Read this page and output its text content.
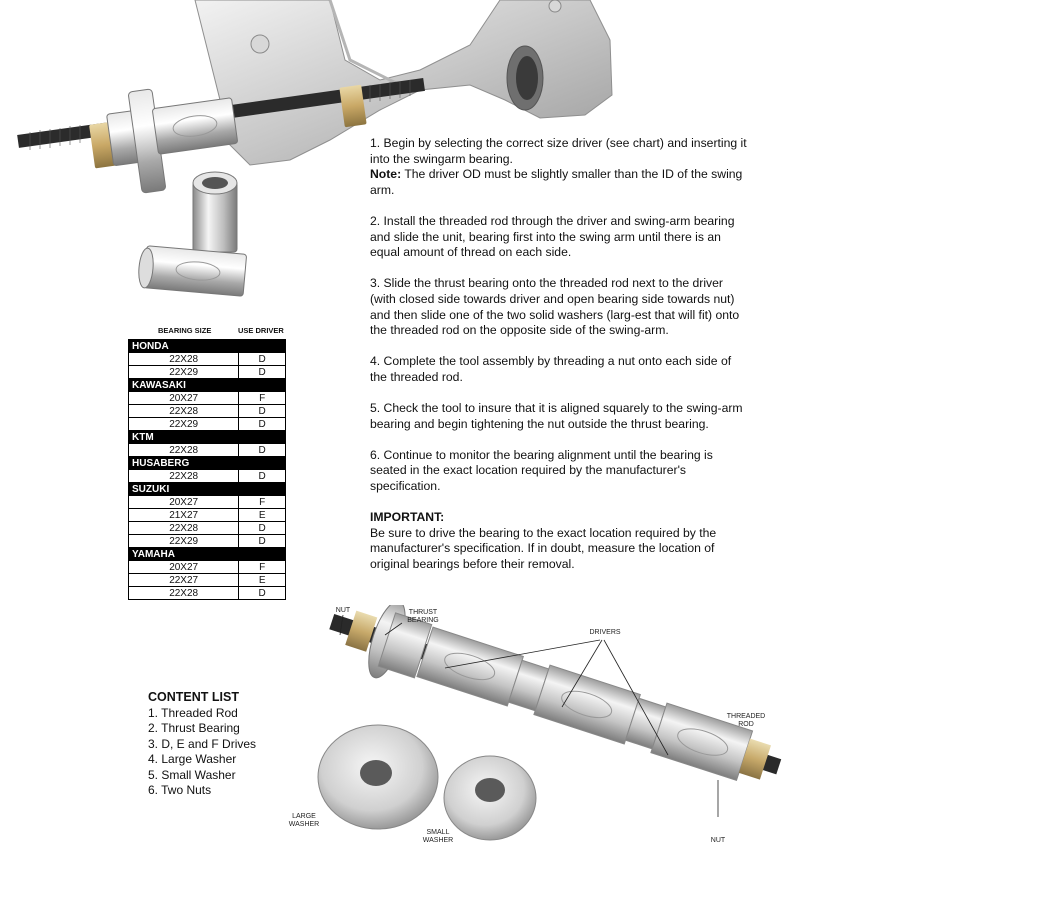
1. Begin by selecting the correct size driver (see chart) and inserting it into the swingarm bearing.
Note: The driver OD must be slightly smaller than the ID of the swing arm.

2. Install the threaded rod through the driver and swing-arm bearing and slide the unit, bearing first into the swing arm until there is an equal amount of thread on each side.

3. Slide the thrust bearing onto the threaded rod next to the driver (with closed side towards driver and open bearing side towards nut) and then slide one of the two solid washers (larg-est that will fit) onto the threaded rod on the opposite side of the swing-arm.

4. Complete the tool assembly by threading a nut onto each side of the threaded rod.

5. Check the tool to insure that it is aligned squarely to the swing-arm bearing and begin tightening the nut outside the thrust bearing.

6. Continue to monitor the bearing alignment until the bearing is seated in the exact location required by the manufacturer's specification.

IMPORTANT:
Be sure to drive the bearing to the exact location required by the manufacturer's specification. If in doubt, measure the location of original bearings before their removal.
BEARING SIZE	USE DRIVER
HONDA	
22X28	D
22X29	D
KAWASAKI	
20X27	F
22X28	D
22X29	D
KTM	
22X28	D
HUSABERG	
22X28	D
SUZUKI	
20X27	F
21X27	E
22X28	D
22X29	D
YAMAHA	
20X27	F
22X27	E
22X28	D
CONTENT LIST
1. Threaded Rod
2. Thrust Bearing
3. D, E and F Drives
4. Large Washer
5. Small Washer
6. Two Nuts
NUT	THRUST BEARING
DRIVERS
THREADED ROD
LARGE WASHER
SMALL WASHER	NUT
